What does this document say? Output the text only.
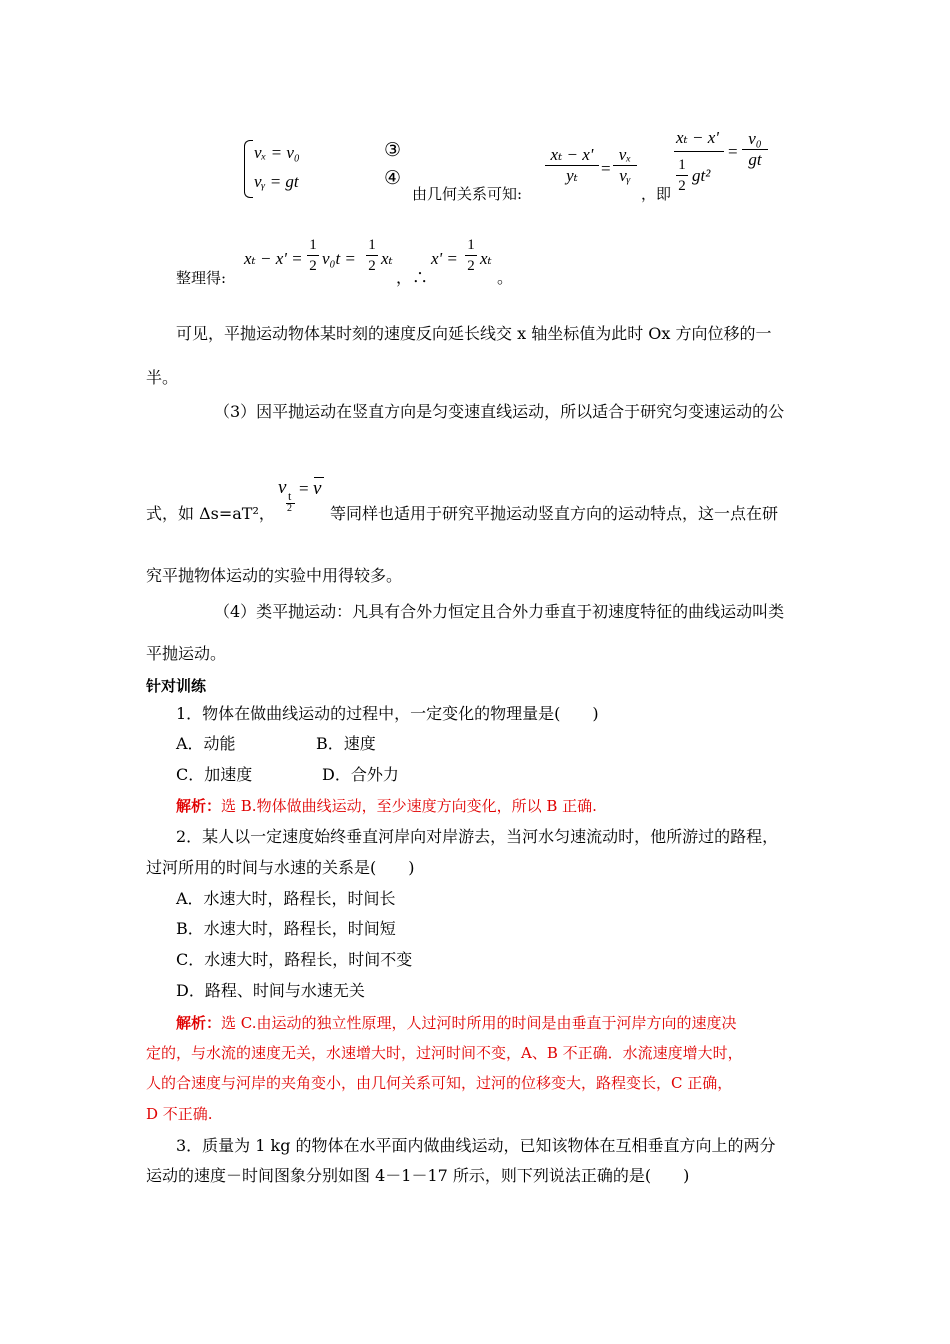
vₓ = v₀	③
vᵧ = gt	④
由几何关系可知:
xₜ − x'
yₜ	=
vₓ
vᵧ
，即
xₜ − x'
1
2
gt²
=
v₀
gt
整理得:
xₜ − x' =
1
2 v₀t =
1
2 xₜ
，∴
x' =
1
2 xₜ
。
可见，平抛运动物体某时刻的速度反向延长线交 x 轴坐标值为此时 Ox 方向位移的一
半。
（3）因平抛运动在竖直方向是匀变速直线运动，所以适合于研究匀变速运动的公
式，如 Δs=aT²，
v t
2
= v
等同样也适用于研究平抛运动竖直方向的运动特点，这一点在研
究平抛物体运动的实验中用得较多。
（4）类平抛运动：凡具有合外力恒定且合外力垂直于初速度特征的曲线运动叫类
平抛运动。
针对训练
1．物体在做曲线运动的过程中，一定变化的物理量是(　　)
A．动能	B．速度
C．加速度	D．合外力
解析：选 B.物体做曲线运动，至少速度方向变化，所以 B 正确.
2．某人以一定速度始终垂直河岸向对岸游去，当河水匀速流动时，他所游过的路程，
过河所用的时间与水速的关系是(　　)
A．水速大时，路程长，时间长
B．水速大时，路程长，时间短
C．水速大时，路程长，时间不变
D．路程、时间与水速无关
解析：选 C.由运动的独立性原理，人过河时所用的时间是由垂直于河岸方向的速度决
定的，与水流的速度无关，水速增大时，过河时间不变，A、B 不正确．水流速度增大时，
人的合速度与河岸的夹角变小，由几何关系可知，过河的位移变大，路程变长，C 正确，
D 不正确.
3．质量为 1 kg 的物体在水平面内做曲线运动，已知该物体在互相垂直方向上的两分
运动的速度－时间图象分别如图 4－1－17 所示，则下列说法正确的是(　　)
